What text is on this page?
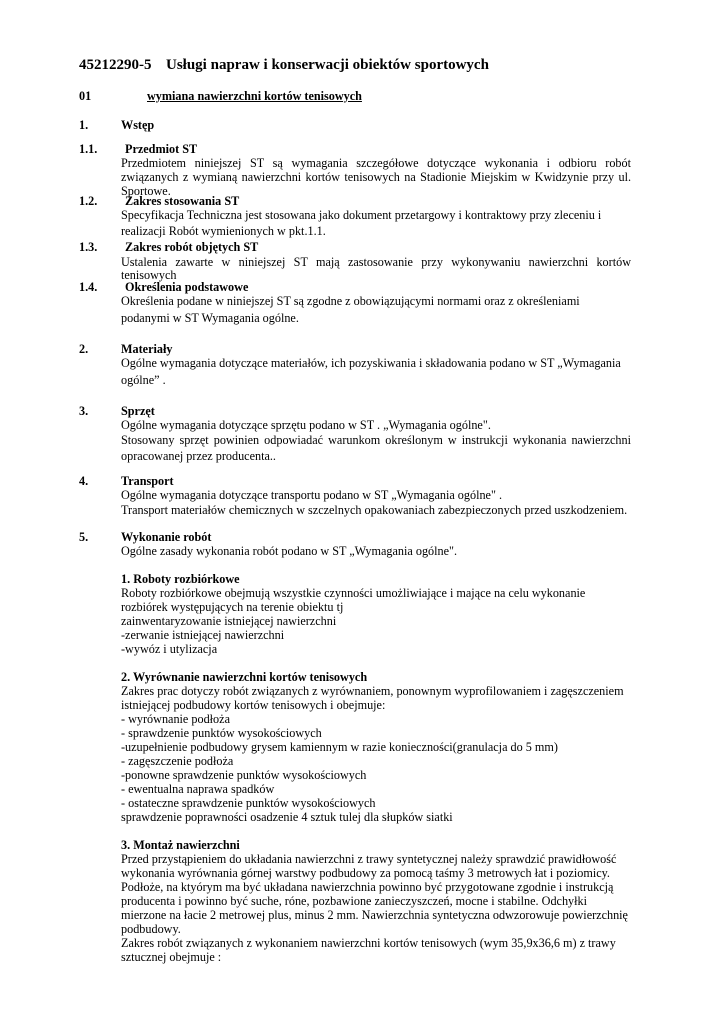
45212290-5 Usługi napraw i konserwacji obiektów sportowych
01	wymiana nawierzchni kortów tenisowych
1.	Wstęp
1.1. Przedmiot ST
Przedmiotem niniejszej ST są wymagania szczegółowe dotyczące wykonania i odbioru robót
związanych z wymianą nawierzchni kortów tenisowych na Stadionie Miejskim w Kwidzynie przy ul.
Sportowe.
1.2. Zakres stosowania ST
Specyfikacja Techniczna jest stosowana jako dokument przetargowy i kontraktowy przy zleceniu i
realizacji Robót wymienionych w pkt.1.1.
1.3. Zakres robót objętych ST
Ustalenia zawarte w niniejszej ST mają zastosowanie przy wykonywaniu nawierzchni kortów
tenisowych
1.4. Określenia podstawowe
Określenia podane w niniejszej ST są zgodne z obowiązującymi normami oraz z określeniami
podanymi w ST Wymagania ogólne.
2.	Materiały
Ogólne wymagania dotyczące materiałów, ich pozyskiwania i składowania podano w ST „Wymagania
ogólne” .
3.	Sprzęt
Ogólne wymagania dotyczące sprzętu podano w ST . „Wymagania ogólne".
Stosowany sprzęt powinien odpowiadać warunkom określonym w instrukcji wykonania nawierzchni
opracowanej przez producenta..
4.	Transport
Ogólne wymagania dotyczące transportu podano w ST „Wymagania ogólne" .
Transport materiałów chemicznych w szczelnych opakowaniach zabezpieczonych przed uszkodzeniem.
5.	Wykonanie robót
Ogólne zasady wykonania robót podano w ST „Wymagania ogólne".
1. Roboty rozbiórkowe
Roboty rozbiórkowe obejmują wszystkie czynności umożliwiające i mające na celu wykonanie
rozbiórek występujących na terenie obiektu tj
zainwentaryzowanie istniejącej nawierzchni
-zerwanie istniejącej nawierzchni
-wywóz i utylizacja
2. Wyrównanie nawierzchni kortów tenisowych
Zakres prac dotyczy robót związanych z wyrównaniem, ponownym wyprofilowaniem i zagęszczeniem
istniejącej podbudowy kortów tenisowych i obejmuje:
- wyrównanie podłoża
- sprawdzenie punktów wysokościowych
-uzupełnienie podbudowy grysem kamiennym w razie konieczności(granulacja do 5 mm)
- zagęszczenie podłoża
-ponowne sprawdzenie punktów wysokościowych
- ewentualna naprawa spadków
- ostateczne sprawdzenie punktów wysokościowych
sprawdzenie poprawności osadzenie 4 sztuk tulej dla słupków siatki
3. Montaż nawierzchni
Przed przystąpieniem do układania nawierzchni z trawy syntetycznej należy sprawdzić prawidłowość
wykonania wyrównania górnej warstwy podbudowy za pomocą taśmy 3 metrowych łat i poziomicy.
Podłoże, na ktyórym ma być układana nawierzchnia powinno być przygotowane zgodnie i instrukcją
producenta i powinno być suche, róne, pozbawione zanieczyszczeń, mocne i stabilne. Odchyłki
mierzone na łacie 2 metrowej plus, minus 2 mm. Nawierzchnia syntetyczna odwzorowuje powierzchnię
podbudowy.
Zakres robót związanych z wykonaniem nawierzchni kortów tenisowych (wym 35,9x36,6 m) z trawy
sztucznej obejmuje :
